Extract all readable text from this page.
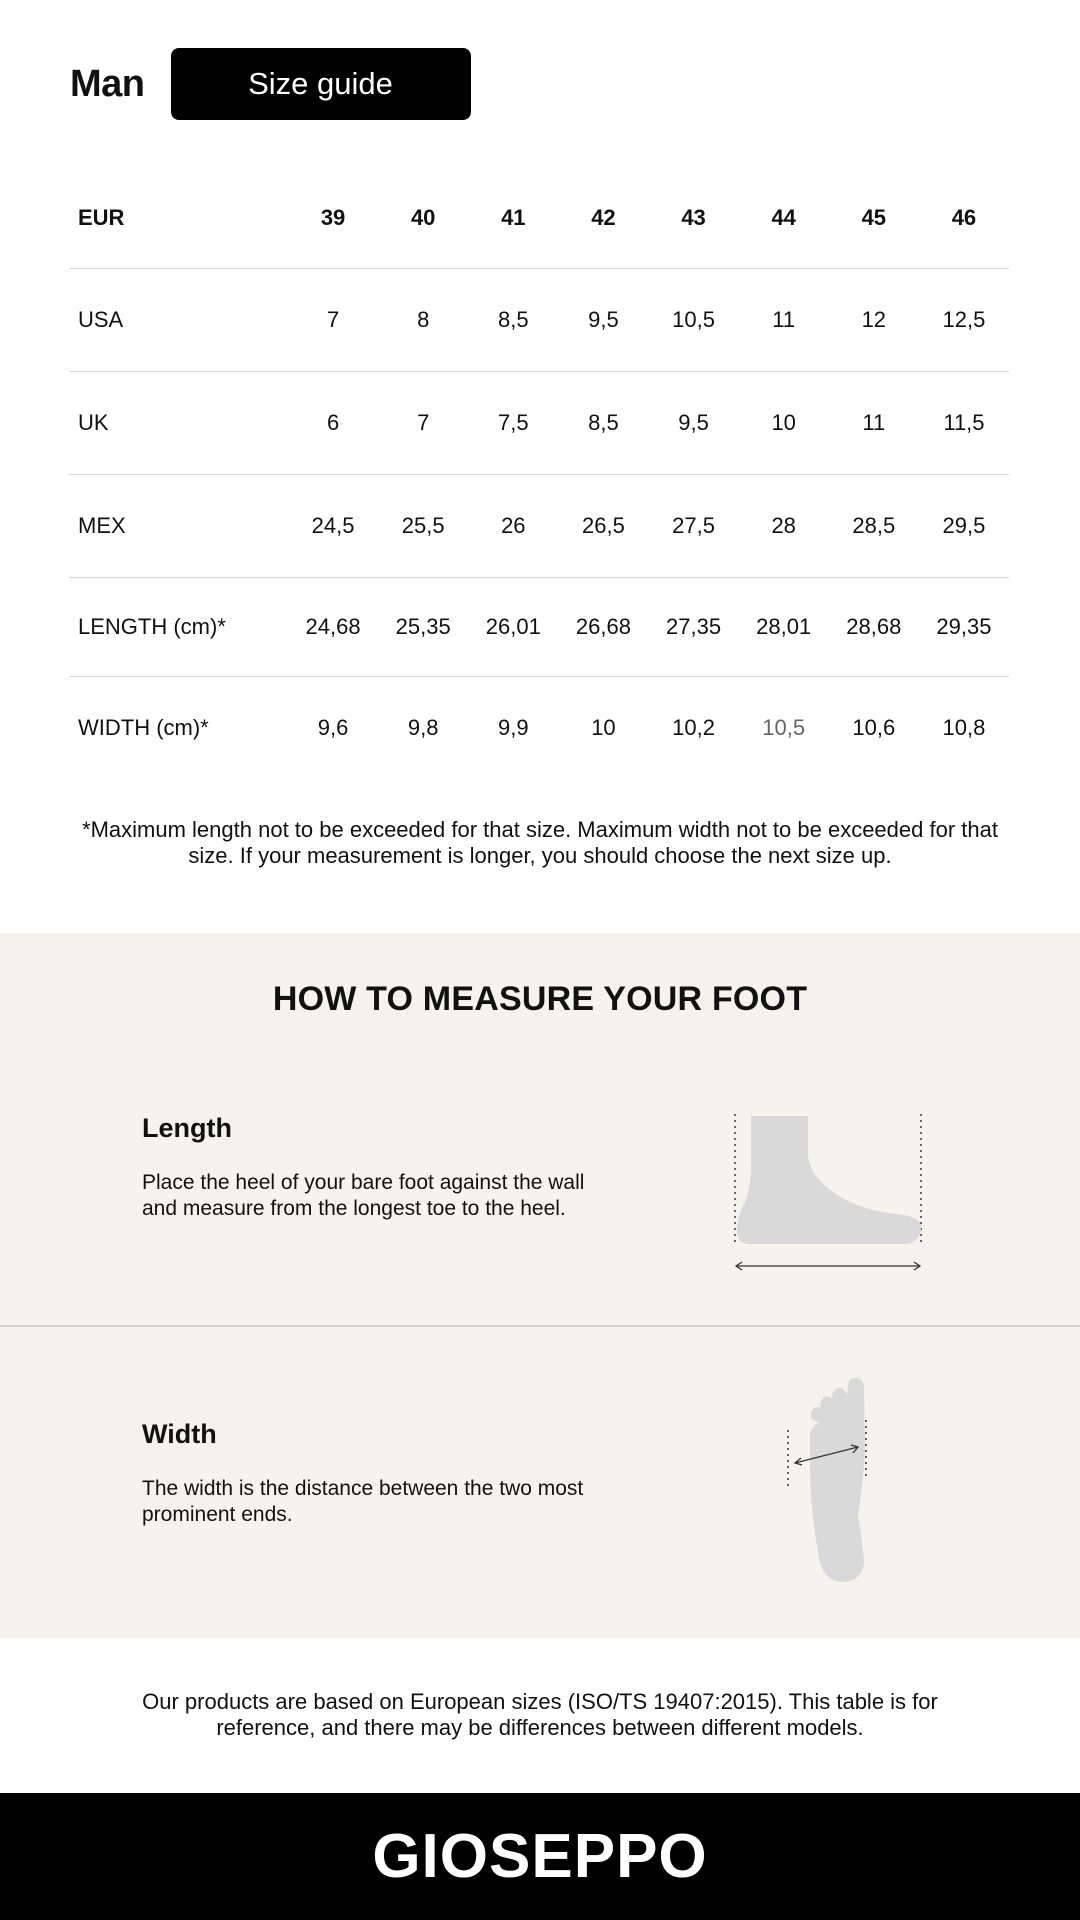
Man	Size guide
EUR	39	40	41	42	43	44	45	46
USA	7	8	8,5	9,5	10,5	11	12	12,5
UK	6	7	7,5	8,5	9,5	10	11	11,5
MEX	24,5	25,5	26	26,5	27,5	28	28,5	29,5
LENGTH (cm)*	24,68	25,35	26,01	26,68	27,35	28,01	28,68	29,35
WIDTH (cm)*	9,6	9,8	9,9	10	10,2	10,5	10,6	10,8
*Maximum length not to be exceeded for that size. Maximum width not to be exceeded for that size. If your measurement is longer, you should choose the next size up.
HOW TO MEASURE YOUR FOOT
Length
Place the heel of your bare foot against the wall and measure from the longest toe to the heel.
Width
The width is the distance between the two most prominent ends.
Our products are based on European sizes (ISO/TS 19407:2015). This table is for reference, and there may be differences between different models.
GIOSEPPO
